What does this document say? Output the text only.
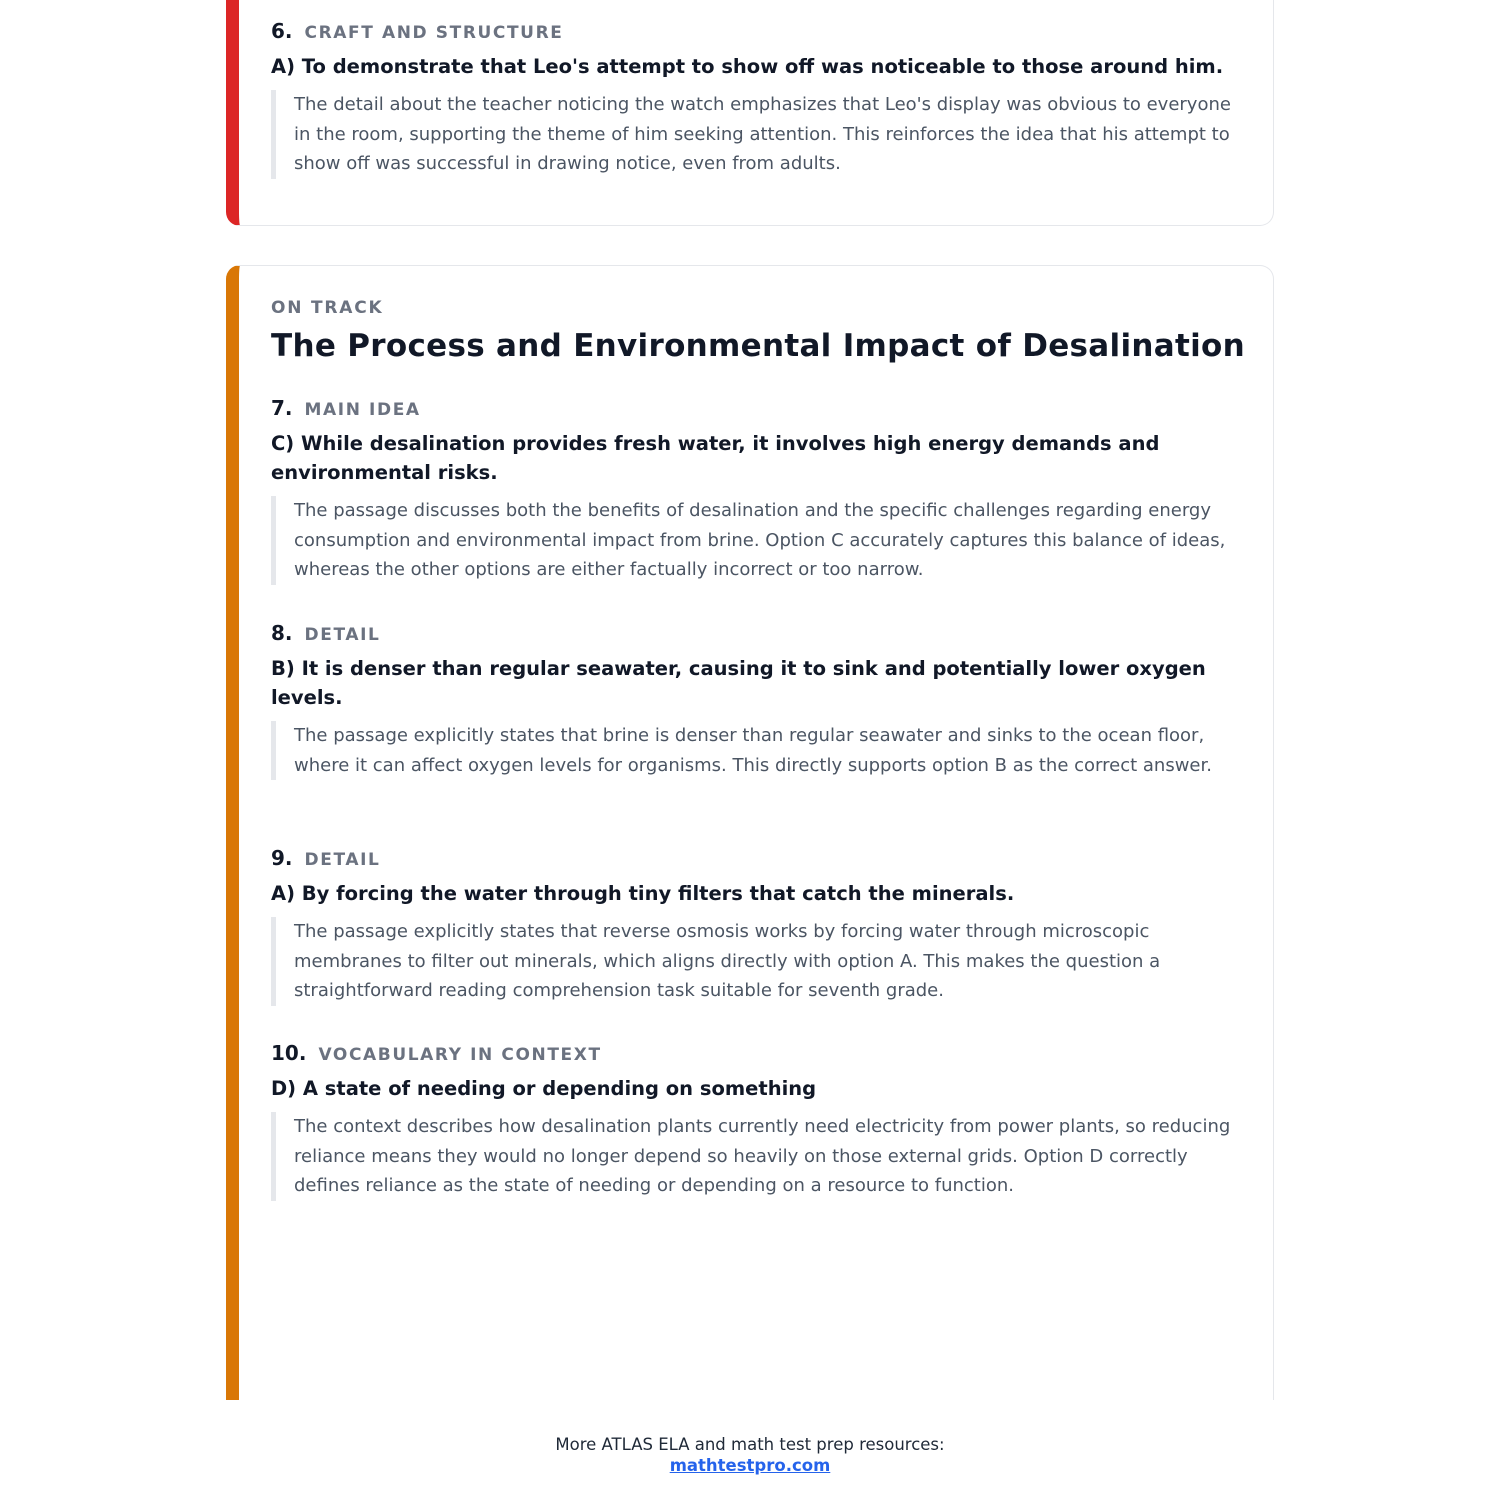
6. CRAFT AND STRUCTURE
A) To demonstrate that Leo's attempt to show off was noticeable to those around him.
The detail about the teacher noticing the watch emphasizes that Leo's display was obvious to everyone in the room, supporting the theme of him seeking attention. This reinforces the idea that his attempt to show off was successful in drawing notice, even from adults.
ON TRACK
The Process and Environmental Impact of Desalination
7. MAIN IDEA
C) While desalination provides fresh water, it involves high energy demands and environmental risks.
The passage discusses both the benefits of desalination and the specific challenges regarding energy consumption and environmental impact from brine. Option C accurately captures this balance of ideas, whereas the other options are either factually incorrect or too narrow.
8. DETAIL
B) It is denser than regular seawater, causing it to sink and potentially lower oxygen levels.
The passage explicitly states that brine is denser than regular seawater and sinks to the ocean floor, where it can affect oxygen levels for organisms. This directly supports option B as the correct answer.
9. DETAIL
A) By forcing the water through tiny filters that catch the minerals.
The passage explicitly states that reverse osmosis works by forcing water through microscopic membranes to filter out minerals, which aligns directly with option A. This makes the question a straightforward reading comprehension task suitable for seventh grade.
10. VOCABULARY IN CONTEXT
D) A state of needing or depending on something
The context describes how desalination plants currently need electricity from power plants, so reducing reliance means they would no longer depend so heavily on those external grids. Option D correctly defines reliance as the state of needing or depending on a resource to function.
More ATLAS ELA and math test prep resources:
mathtestpro.com
